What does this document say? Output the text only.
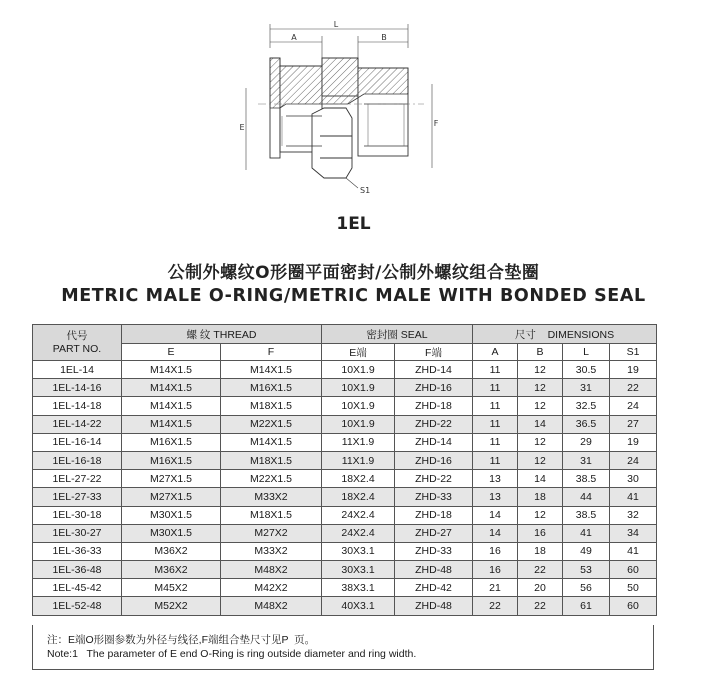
L
A	B
E	F
S1
1EL
公制外螺纹O形圈平面密封/公制外螺纹组合垫圈
METRIC MALE O-RING/METRIC MALE WITH BONDED SEAL
代号
PART NO.	螺 纹 THREAD		密封圈 SEAL		尺寸    DIMENSIONS			
	E	F	E端	F端	A	B	L	S1
1EL-14	M14X1.5	M14X1.5	10X1.9	ZHD-14	11	12	30.5	19
1EL-14-16	M14X1.5	M16X1.5	10X1.9	ZHD-16	11	12	31	22
1EL-14-18	M14X1.5	M18X1.5	10X1.9	ZHD-18	11	12	32.5	24
1EL-14-22	M14X1.5	M22X1.5	10X1.9	ZHD-22	11	14	36.5	27
1EL-16-14	M16X1.5	M14X1.5	11X1.9	ZHD-14	11	12	29	19
1EL-16-18	M16X1.5	M18X1.5	11X1.9	ZHD-16	11	12	31	24
1EL-27-22	M27X1.5	M22X1.5	18X2.4	ZHD-22	13	14	38.5	30
1EL-27-33	M27X1.5	M33X2	18X2.4	ZHD-33	13	18	44	41
1EL-30-18	M30X1.5	M18X1.5	24X2.4	ZHD-18	14	12	38.5	32
1EL-30-27	M30X1.5	M27X2	24X2.4	ZHD-27	14	16	41	34
1EL-36-33	M36X2	M33X2	30X3.1	ZHD-33	16	18	49	41
1EL-36-48	M36X2	M48X2	30X3.1	ZHD-48	16	22	53	60
1EL-45-42	M45X2	M42X2	38X3.1	ZHD-42	21	20	56	50
1EL-52-48	M52X2	M48X2	40X3.1	ZHD-48	22	22	61	60
注：E端O形圈参数为外径与线径,F端组合垫尺寸见P  页。
Note:1   The parameter of E end O-Ring is ring outside diameter and ring width.
